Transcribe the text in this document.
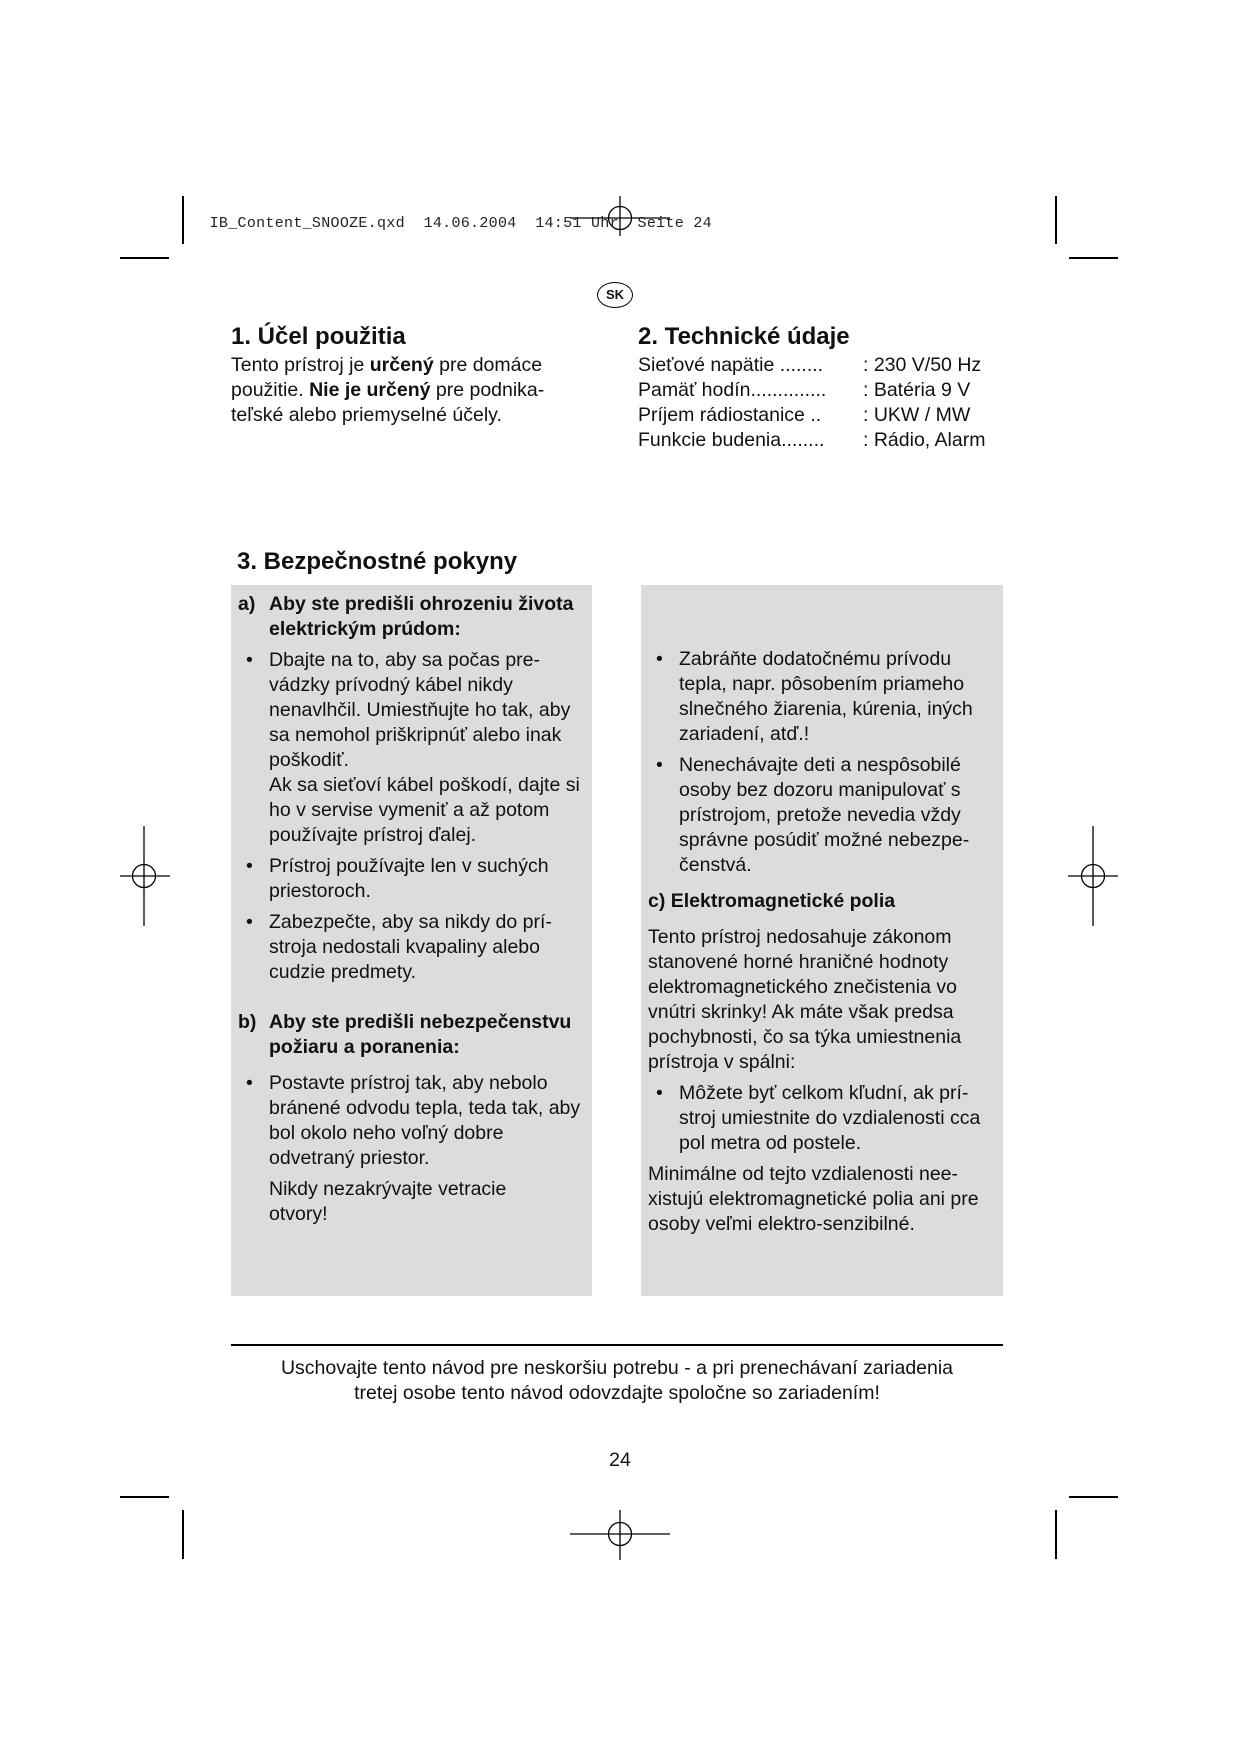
IB_Content_SNOOZE.qxd 14.06.2004 14:51 Uhr Seite 24

SK
1. Účel použitia

Tento prístroj je určený pre domáce
použitie. Nie je určený pre podnika-
teľské alebo priemyselné účely.

2. Technické údaje
Sieťové napätie ........	: 230 V/50 Hz
Pamäť hodín..............	: Batéria 9 V
Príjem rádiostanice ..	: UKW / MW
Funkcie budenia........	: Rádio, Alarm
3. Bezpečnostné pokyny
a) Aby ste predišli ohrozeniu života elektrickým prúdom:
• Dbajte na to, aby sa počas pre-vádzky prívodný kábel nikdy nenavlhčil. Umiestňujte ho tak, aby sa nemohol priškripnúť alebo inak poškodiť.
Ak sa sieťoví kábel poškodí, dajte si ho v servise vymeniť a až potom používajte prístroj ďalej.
• Prístroj používajte len v suchých priestoroch.
• Zabezpečte, aby sa nikdy do prí-stroja nedostali kvapaliny alebo cudzie predmety.
b) Aby ste predišli nebezpečenstvu požiaru a poranenia:
• Postavte prístroj tak, aby nebolo bránené odvodu tepla, teda tak, aby bol okolo neho voľný dobre odvetraný priestor.
Nikdy nezakrývajte vetracie otvory!
• Zabráňte dodatočnému prívodu tepla, napr. pôsobením priameho slnečného žiarenia, kúrenia, iných zariadení, atď.!
• Nenechávajte deti a nespôsobilé osoby bez dozoru manipulovať s prístrojom, pretože nevedia vždy správne posúdiť možné nebezpe-čenstvá.
c) Elektromagnetické polia
Tento prístroj nedosahuje zákonom stanovené horné hraničné hodnoty elektromagnetického znečistenia vo vnútri skrinky! Ak máte však predsa pochybnosti, čo sa týka umiestnenia prístroja v spálni:
• Môžete byť celkom kľudní, ak prí-stroj umiestnite do vzdialenosti cca pol metra od postele.
Minimálne od tejto vzdialenosti nee-xistujú elektromagnetické polia ani pre osoby veľmi elektro-senzibilné.
Uschovajte tento návod pre neskoršiu potrebu - a pri prenechávaní zariadenia
tretej osobe tento návod odovzdajte spoločne so zariadením!
24
